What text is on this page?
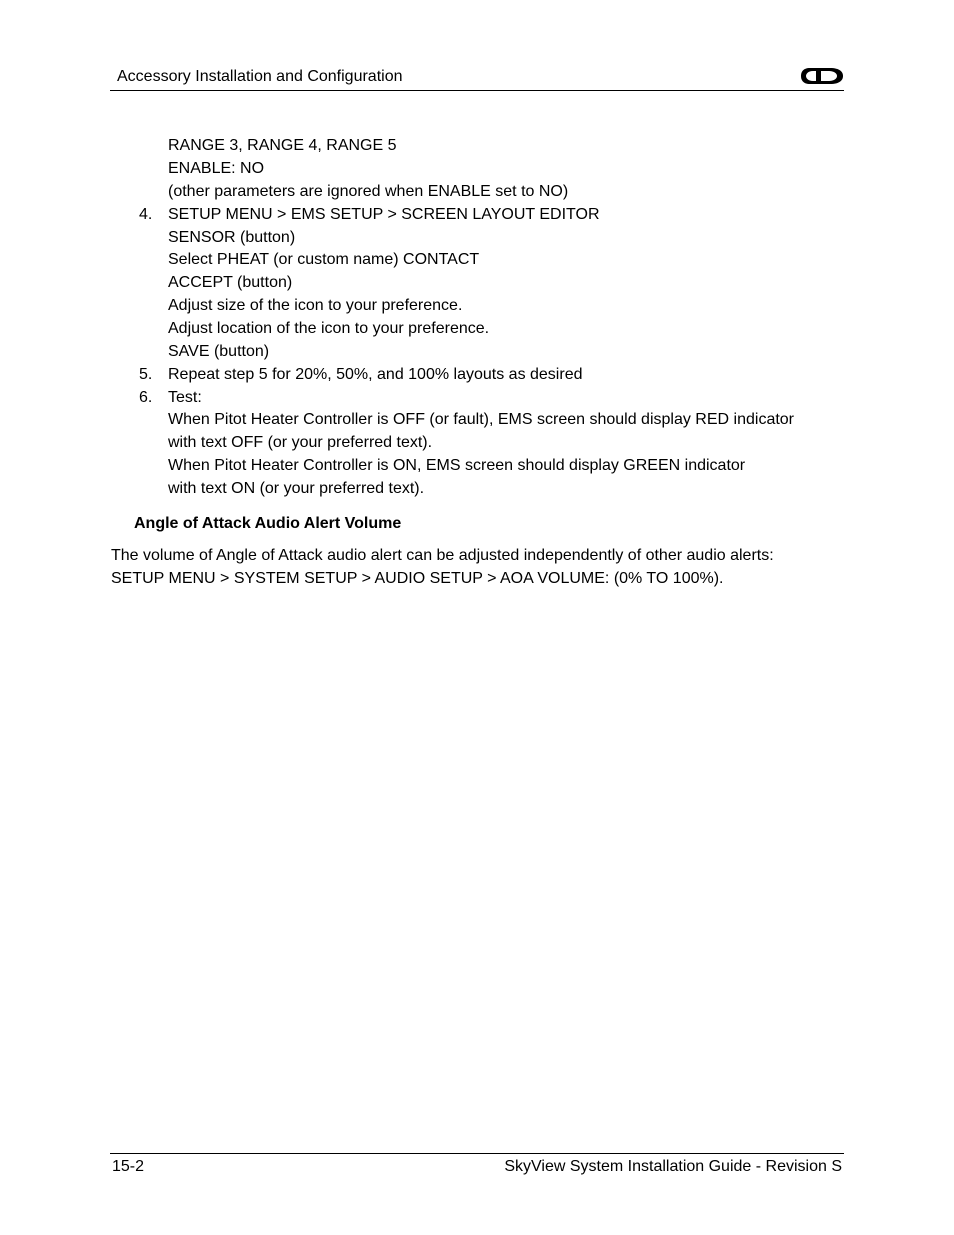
Accessory Installation and Configuration
RANGE 3, RANGE 4, RANGE 5
ENABLE: NO
(other parameters are ignored when ENABLE set to NO)
4. SETUP MENU > EMS SETUP > SCREEN LAYOUT EDITOR
SENSOR (button)
Select PHEAT (or custom name) CONTACT
ACCEPT (button)
Adjust size of the icon to your preference.
Adjust location of the icon to your preference.
SAVE (button)
5. Repeat step 5 for 20%, 50%, and 100% layouts as desired
6. Test:
When Pitot Heater Controller is OFF (or fault), EMS screen should display RED indicator
with text OFF (or your preferred text).
When Pitot Heater Controller is ON, EMS screen should display GREEN indicator
with text ON (or your preferred text).
Angle of Attack Audio Alert Volume
The volume of Angle of Attack audio alert can be adjusted independently of other audio alerts:
SETUP MENU > SYSTEM SETUP > AUDIO SETUP > AOA VOLUME: (0% TO 100%).
15-2	SkyView System Installation Guide - Revision S
